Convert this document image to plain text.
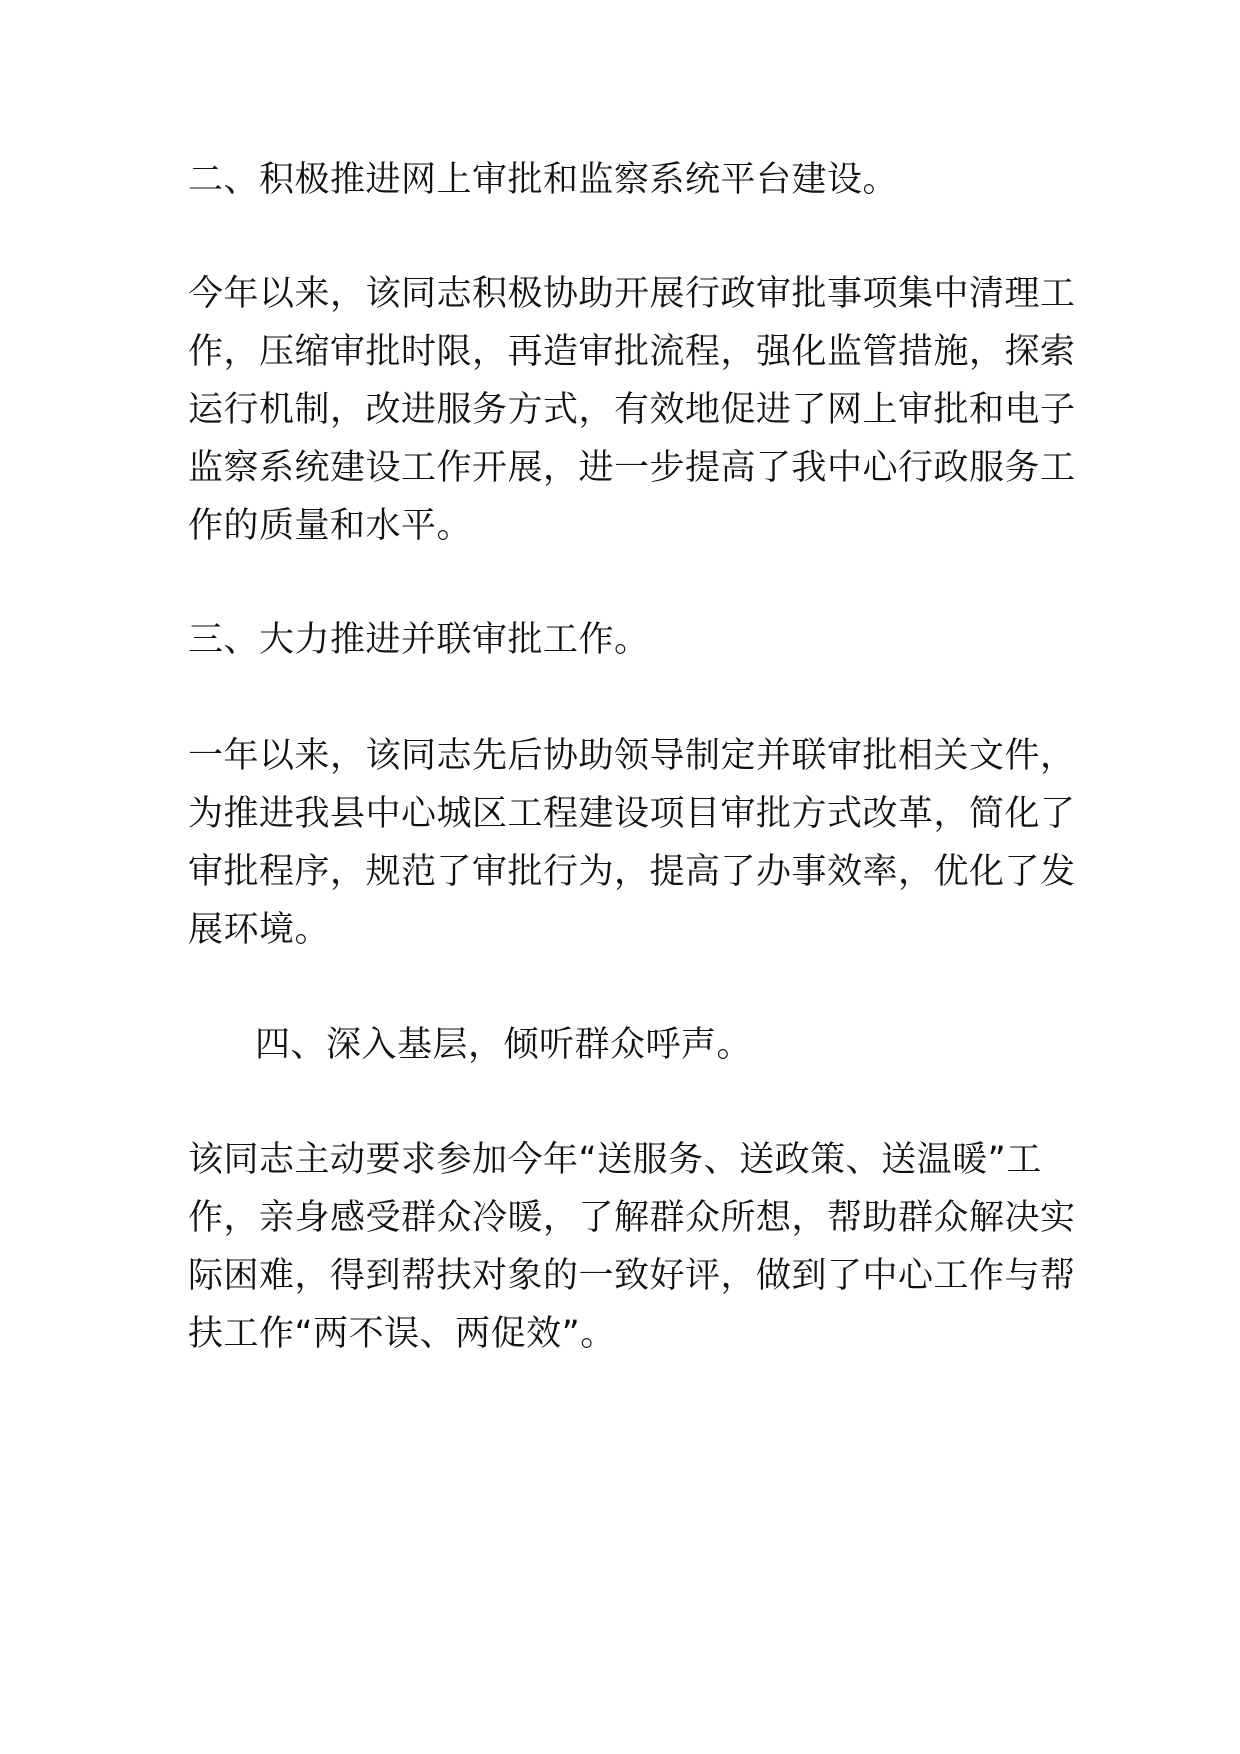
二、积极推进网上审批和监察系统平台建设。
今年以来，该同志积极协助开展行政审批事项集中清理工
作，压缩审批时限，再造审批流程，强化监管措施，探索
运行机制，改进服务方式，有效地促进了网上审批和电子
监察系统建设工作开展，进一步提高了我中心行政服务工
作的质量和水平。
三、大力推进并联审批工作。
一年以来，该同志先后协助领导制定并联审批相关文件，
为推进我县中心城区工程建设项目审批方式改革，简化了
审批程序，规范了审批行为，提高了办事效率，优化了发
展环境。
四、深入基层，倾听群众呼声。
该同志主动要求参加今年“送服务、送政策、送温暖”工
作，亲身感受群众冷暖，了解群众所想，帮助群众解决实
际困难，得到帮扶对象的一致好评，做到了中心工作与帮
扶工作“两不误、两促效”。
